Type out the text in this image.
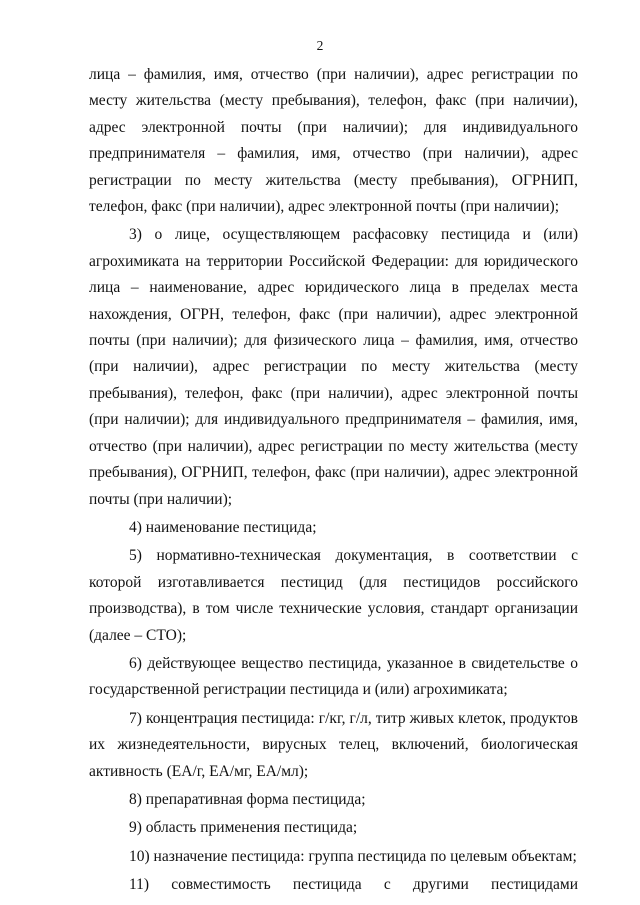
2

лица – фамилия, имя, отчество (при наличии), адрес регистрации по месту жительства (месту пребывания), телефон, факс (при наличии), адрес электронной почты (при наличии); для индивидуального предпринимателя – фамилия, имя, отчество (при наличии), адрес регистрации по месту жительства (месту пребывания), ОГРНИП, телефон, факс (при наличии), адрес электронной почты (при наличии);

3) о лице, осуществляющем расфасовку пестицида и (или) агрохимиката на территории Российской Федерации: для юридического лица – наименование, адрес юридического лица в пределах места нахождения, ОГРН, телефон, факс (при наличии), адрес электронной почты (при наличии); для физического лица – фамилия, имя, отчество (при наличии), адрес регистрации по месту жительства (месту пребывания), телефон, факс (при наличии), адрес электронной почты (при наличии); для индивидуального предпринимателя – фамилия, имя, отчество (при наличии), адрес регистрации по месту жительства (месту пребывания), ОГРНИП, телефон, факс (при наличии), адрес электронной почты (при наличии);

4) наименование пестицида;

5) нормативно-техническая документация, в соответствии с которой изготавливается пестицид (для пестицидов российского производства), в том числе технические условия, стандарт организации (далее – СТО);

6) действующее вещество пестицида, указанное в свидетельстве о государственной регистрации пестицида и (или) агрохимиката;

7) концентрация пестицида: г/кг, г/л, титр живых клеток, продуктов их жизнедеятельности, вирусных телец, включений, биологическая активность (ЕА/г, ЕА/мг, ЕА/мл);

8) препаративная форма пестицида;

9) область применения пестицида;

10) назначение пестицида: группа пестицида по целевым объектам;

11) совместимость пестицида с другими пестицидами
